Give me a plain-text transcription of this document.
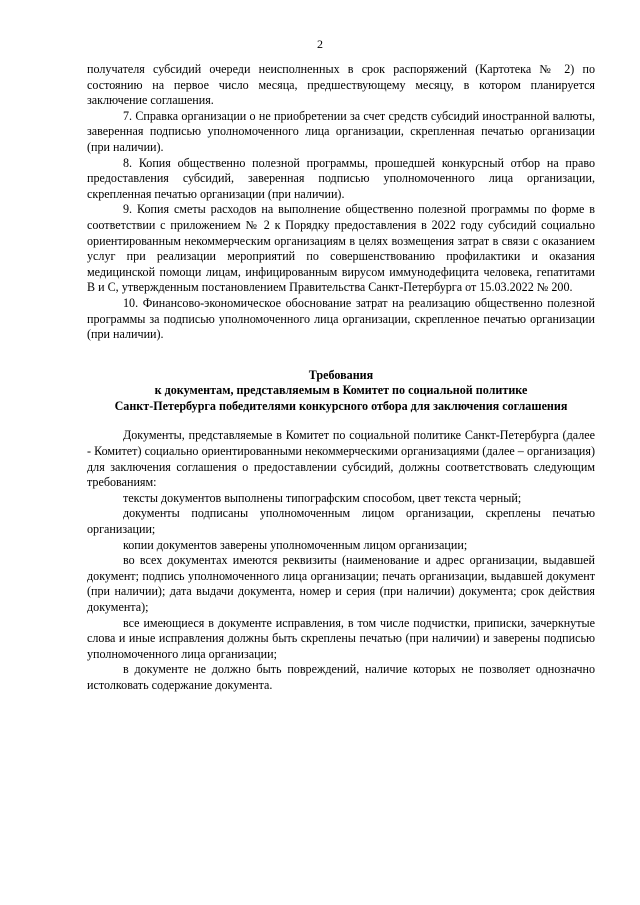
2

получателя субсидий очереди неисполненных в срок распоряжений (Картотека № 2) по состоянию на первое число месяца, предшествующему месяцу, в котором планируется заключение соглашения.

7. Справка организации о не приобретении за счет средств субсидий иностранной валюты, заверенная подписью уполномоченного лица организации, скрепленная печатью организации (при наличии).

8. Копия общественно полезной программы, прошедшей конкурсный отбор на право предоставления субсидий, заверенная подписью уполномоченного лица организации, скрепленная печатью организации (при наличии).

9. Копия сметы расходов на выполнение общественно полезной программы по форме в соответствии с приложением № 2 к Порядку предоставления в 2022 году субсидий социально ориентированным некоммерческим организациям в целях возмещения затрат в связи с оказанием услуг при реализации мероприятий по совершенствованию профилактики и оказания медицинской помощи лицам, инфицированным вирусом иммунодефицита человека, гепатитами В и С, утвержденным постановлением Правительства Санкт-Петербурга от 15.03.2022 № 200.

10. Финансово-экономическое обоснование затрат на реализацию общественно полезной программы за подписью уполномоченного лица организации, скрепленное печатью организации (при наличии).

Требования
к документам, представляемым в Комитет по социальной политике
Санкт-Петербурга победителями конкурсного отбора для заключения соглашения

Документы, представляемые в Комитет по социальной политике Санкт-Петербурга (далее - Комитет) социально ориентированными некоммерческими организациями (далее – организация) для заключения соглашения о предоставлении субсидий, должны соответствовать следующим требованиям:

тексты документов выполнены типографским способом, цвет текста черный;

документы подписаны уполномоченным лицом организации, скреплены печатью организации;

копии документов заверены уполномоченным лицом организации;

во всех документах имеются реквизиты (наименование и адрес организации, выдавшей документ; подпись уполномоченного лица организации; печать организации, выдавшей документ (при наличии); дата выдачи документа, номер и серия (при наличии) документа; срок действия документа);

все имеющиеся в документе исправления, в том числе подчистки, приписки, зачеркнутые слова и иные исправления должны быть скреплены печатью (при наличии) и заверены подписью уполномоченного лица организации;

в документе не должно быть повреждений, наличие которых не позволяет однозначно истолковать содержание документа.
